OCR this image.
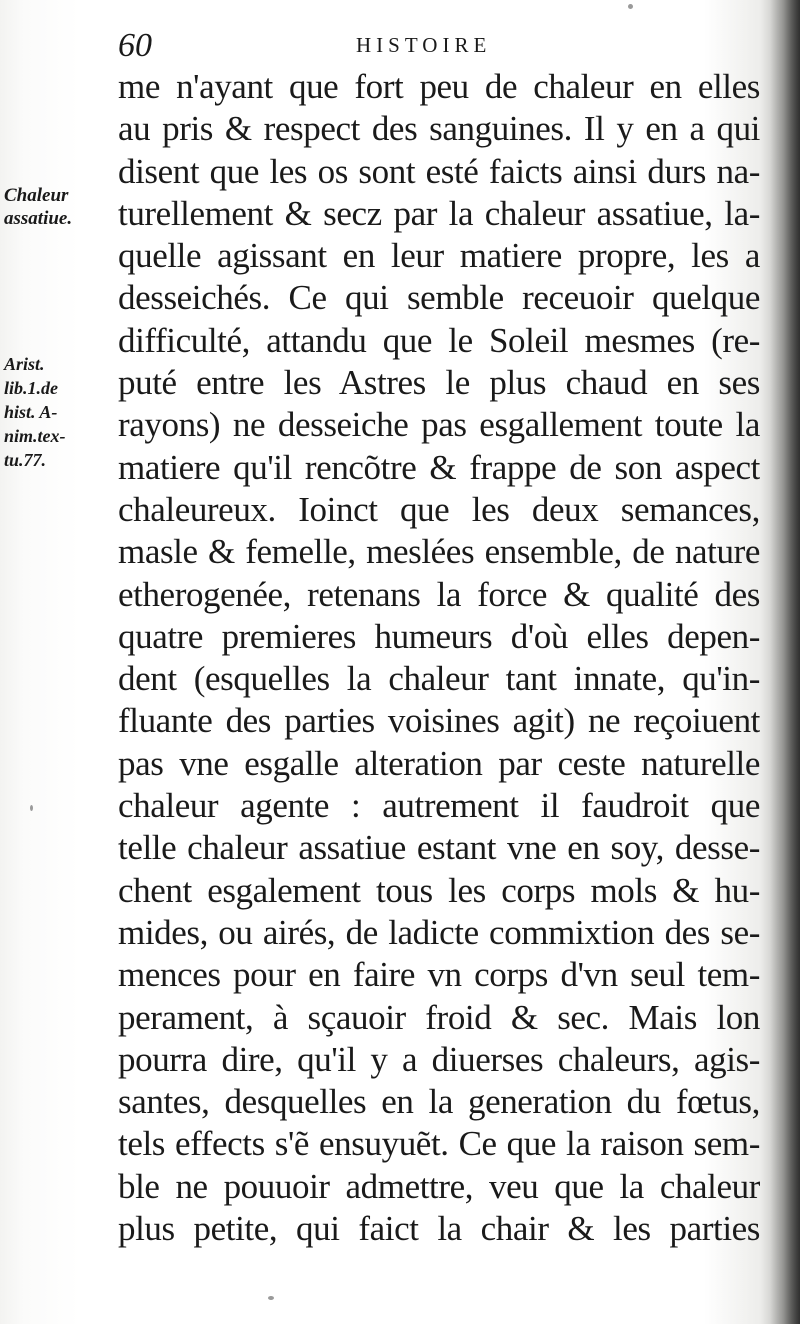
60	HISTOIRE
Chaleur
assatiue.
Arist.
lib.1.de
hist. A-
nim.tex-
tu.77.
me n'ayant que fort peu de chaleur en elles
au pris & respect des sanguines. Il y en a qui
disent que les os sont esté faicts ainsi durs na-
turellement & secz par la chaleur assatiue, la-
quelle agissant en leur matiere propre, les a
desseichés. Ce qui semble receuoir quelque
difficulté, attandu que le Soleil mesmes (re-
puté entre les Astres le plus chaud en ses
rayons) ne desseiche pas esgallement toute la
matiere qu'il rencõtre & frappe de son aspect
chaleureux. Ioinct que les deux semances,
masle & femelle, meslées ensemble, de nature
etherogenée, retenans la force & qualité des
quatre premieres humeurs d'où elles depen-
dent (esquelles la chaleur tant innate, qu'in-
fluante des parties voisines agit) ne reçoiuent
pas vne esgalle alteration par ceste naturelle
chaleur agente : autrement il faudroit que
telle chaleur assatiue estant vne en soy, desse-
chent esgalement tous les corps mols & hu-
mides, ou airés, de ladicte commixtion des se-
mences pour en faire vn corps d'vn seul tem-
perament, à sçauoir froid & sec. Mais lon
pourra dire, qu'il y a diuerses chaleurs, agis-
santes, desquelles en la generation du fœtus,
tels effects s'ẽ ensuyuẽt. Ce que la raison sem-
ble ne pouuoir admettre, veu que la chaleur
plus petite, qui faict la chair & les parties
